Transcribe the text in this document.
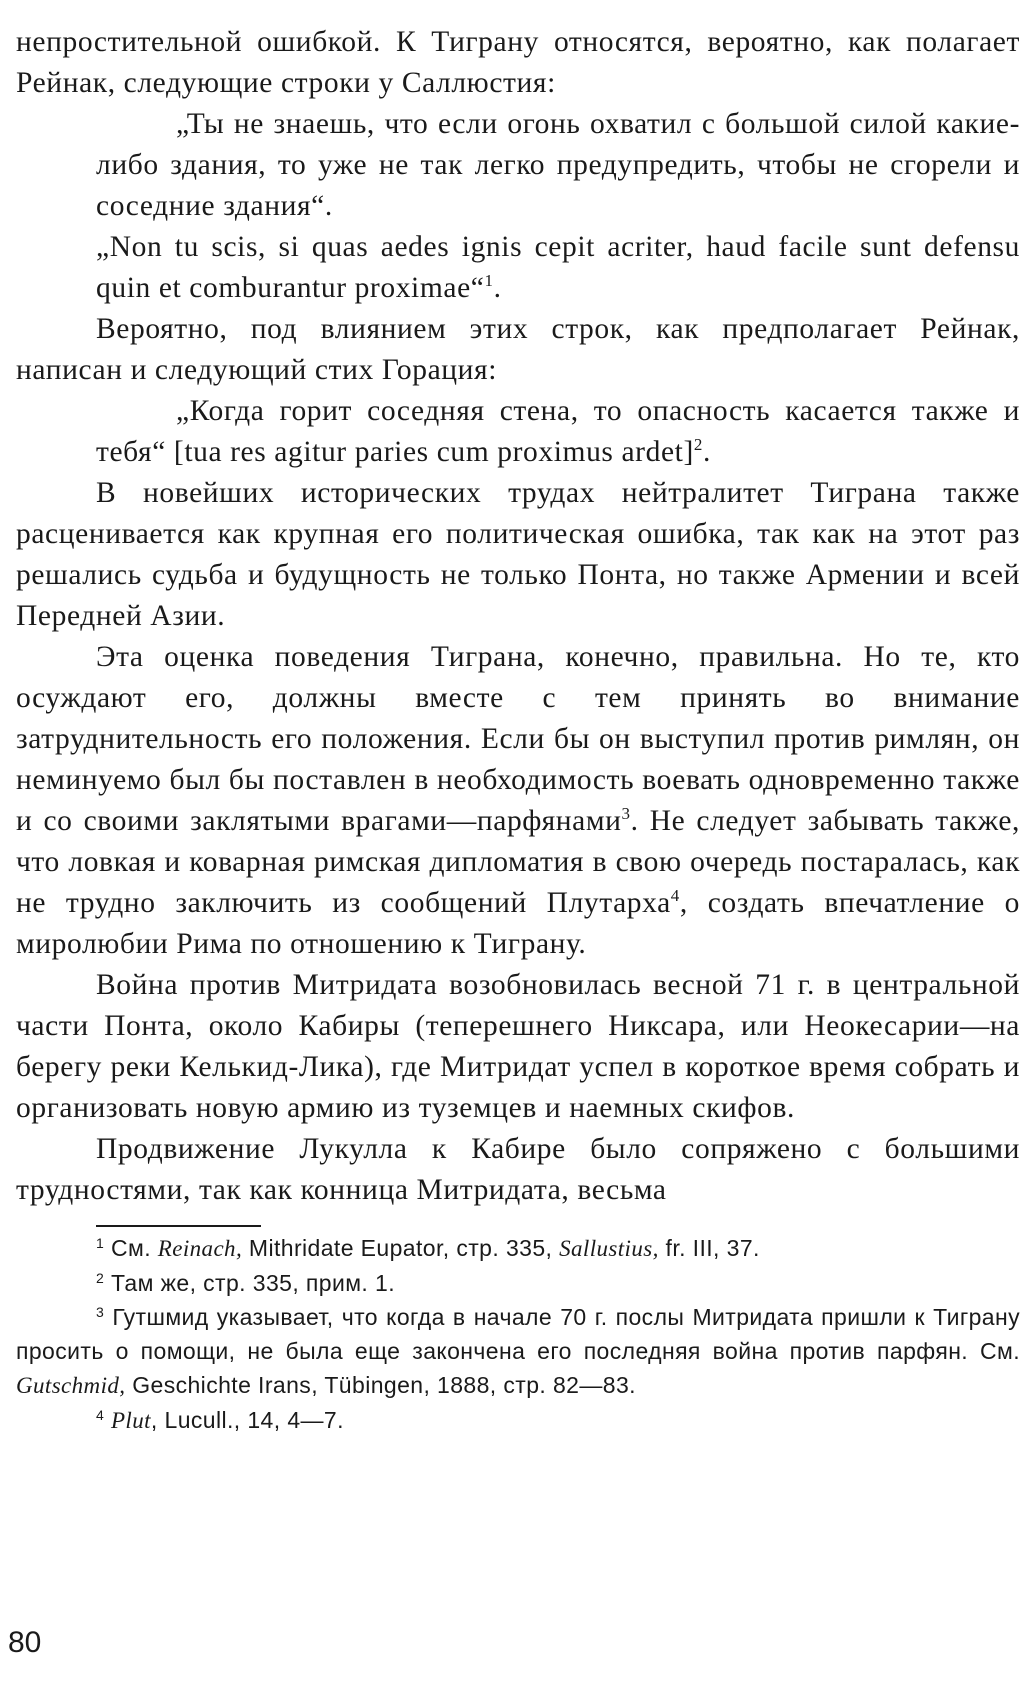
непростительной ошибкой. К Тиграну относятся, вероятно, как полагает Рейнак, следующие строки у Саллюстия:

„Ты не знаешь, что если огонь охватил с большой силой какие-либо здания, то уже не так легко предупредить, чтобы не сгорели и соседние здания“.

„Non tu scis, si quas aedes ignis cepit acriter, haud facile sunt defensu quin et comburantur proximae“$^1$.

Вероятно, под влиянием этих строк, как предполагает Рейнак, написан и следующий стих Горация:

„Когда горит соседняя стена, то опасность касается также и тебя“ [tua res agitur paries cum proximus ardet]$^2$.

В новейших исторических трудах нейтралитет Тиграна также расценивается как крупная его политическая ошибка, так как на этот раз решались судьба и будущность не только Понта, но также Армении и всей Передней Азии.

Эта оценка поведения Тиграна, конечно, правильна. Но те, кто осуждают его, должны вместе с тем принять во внимание затруднительность его положения. Если бы он выступил против римлян, он неминуемо был бы поставлен в необходимость воевать одновременно также и со своими заклятыми врагами—парфянами$^3$. Не следует забывать также, что ловкая и коварная римская дипломатия в свою очередь постаралась, как не трудно заключить из сообщений Плутарха$^4$, создать впечатление о миролюбии Рима по отношению к Тиграну.

Война против Митридата возобновилась весной 71 г. в центральной части Понта, около Кабиры (теперешнего Никсара, или Неокесарии—на берегу реки Келькид-Лика), где Митридат успел в короткое время собрать и организовать новую армию из туземцев и наемных скифов.

Продвижение Лукулла к Кабире было сопряжено с большими трудностями, так как конница Митридата, весьма

$^1$ См. Reinach, Mithridate Eupator, стр. 335, Sallustius, fr. III, 37.

$^2$ Там же, стр. 335, прим. 1.

$^3$ Гутшмид указывает, что когда в начале 70 г. послы Митридата пришли к Тиграну просить о помощи, не была еще закончена его последняя война против парфян. См. Gutschmid, Geschichte Irans, Tübingen, 1888, стр. 82—83.

$^4$ Plut, Lucull., 14, 4—7.

80
